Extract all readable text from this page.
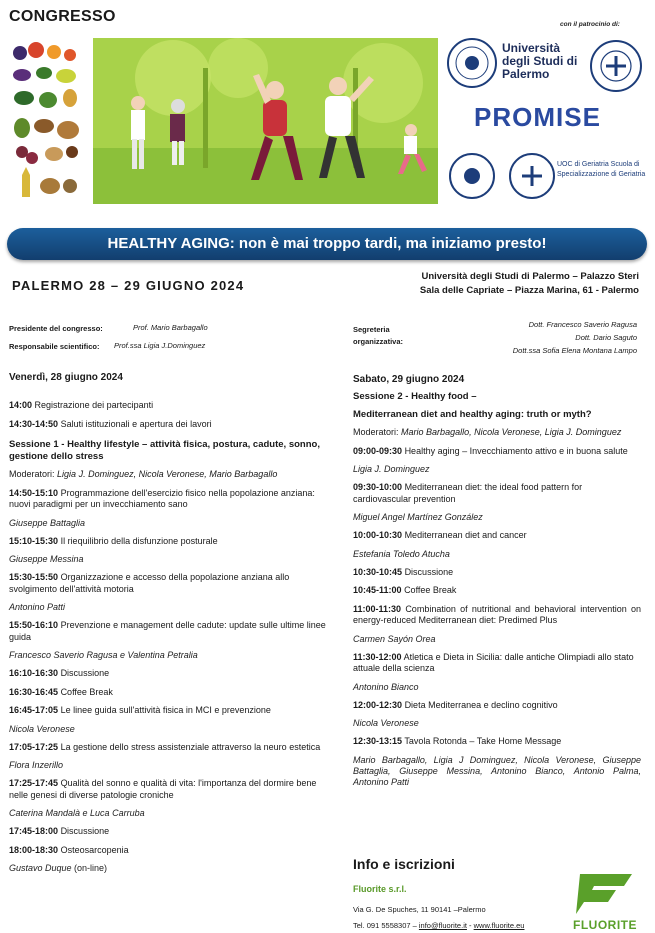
CONGRESSO	con il patrocinio di:
Università degli Studi di Palermo
PROMISE
UOC di Geriatria Scuola di Specializzazione di Geriatria
HEALTHY AGING: non è mai troppo tardi, ma iniziamo presto!
PALERMO 28 – 29 GIUGNO 2024
Università degli Studi di Palermo – Palazzo Steri
Sala delle Capriate – Piazza Marina, 61 - Palermo
Presidente del congresso:	Prof. Mario Barbagallo
Responsabile scientifico: Prof.ssa Ligia J.Dominguez
Segreteria
organizzativa:
Dott. Francesco Saverio Ragusa
Dott. Dario Saguto
Dott.ssa Sofia Elena Montana Lampo
Venerdì, 28 giugno 2024
14:00 Registrazione dei partecipanti
14:30-14:50 Saluti istituzionali e apertura dei lavori
Sessione 1 - Healthy lifestyle – attività fisica, postura, cadute, sonno, gestione dello stress
Moderatori: Ligia J. Dominguez, Nicola Veronese, Mario Barbagallo
14:50-15:10 Programmazione dell'esercizio fisico nella popolazione anziana: nuovi paradigmi per un invecchiamento sano
Giuseppe Battaglia
15:10-15:30 Il riequilibrio della disfunzione posturale
Giuseppe Messina
15:30-15:50 Organizzazione e accesso della popolazione anziana allo svolgimento dell'attività motoria
Antonino Patti
15:50-16:10 Prevenzione e management delle cadute: update sulle ultime linee guida
Francesco Saverio Ragusa e Valentina Petralia
16:10-16:30 Discussione
16:30-16:45 Coffee Break
16:45-17:05 Le linee guida sull'attività fisica in MCI e prevenzione
Nicola Veronese
17:05-17:25 La gestione dello stress assistenziale attraverso la neuro estetica
Flora Inzerillo
17:25-17:45 Qualità del sonno e qualità di vita: l'importanza del dormire bene nelle genesi di diverse patologie croniche
Caterina Mandalà e Luca Carruba
17:45-18:00 Discussione
18:00-18:30 Osteosarcopenia
Gustavo Duque (on-line)
Sabato, 29 giugno 2024
Sessione 2 - Healthy food –
Mediterranean diet and healthy aging: truth or myth?
Moderatori: Mario Barbagallo, Nicola Veronese, Ligia J. Dominguez
09:00-09:30 Healthy aging – Invecchiamento attivo e in buona salute
Ligia J. Dominguez
09:30-10:00 Mediterranean diet: the ideal food pattern for cardiovascular prevention
Miguel Angel Martínez González
10:00-10:30 Mediterranean diet and cancer
Estefania Toledo Atucha
10:30-10:45 Discussione
10:45-11:00 Coffee Break
11:00-11:30 Combination of nutritional and behavioral intervention on energy-reduced Mediterranean diet: Predimed Plus
Carmen Sayón Orea
11:30-12:00 Atletica e Dieta in Sicilia: dalle antiche Olimpiadi allo stato attuale della scienza
Antonino Bianco
12:00-12:30 Dieta Mediterranea e declino cognitivo
Nicola Veronese
12:30-13:15 Tavola Rotonda – Take Home Message
Mario Barbagallo, Ligia J Dominguez, Nicola Veronese, Giuseppe Battaglia, Giuseppe Messina, Antonino Bianco, Antonio Palma, Antonino Patti
Info e iscrizioni
Fluorite s.r.l.
Via G. De Spuches, 11 90141 –Palermo
Tel. 091 5558307 – info@fluorite.it - www.fluorite.eu	FLUORITE
